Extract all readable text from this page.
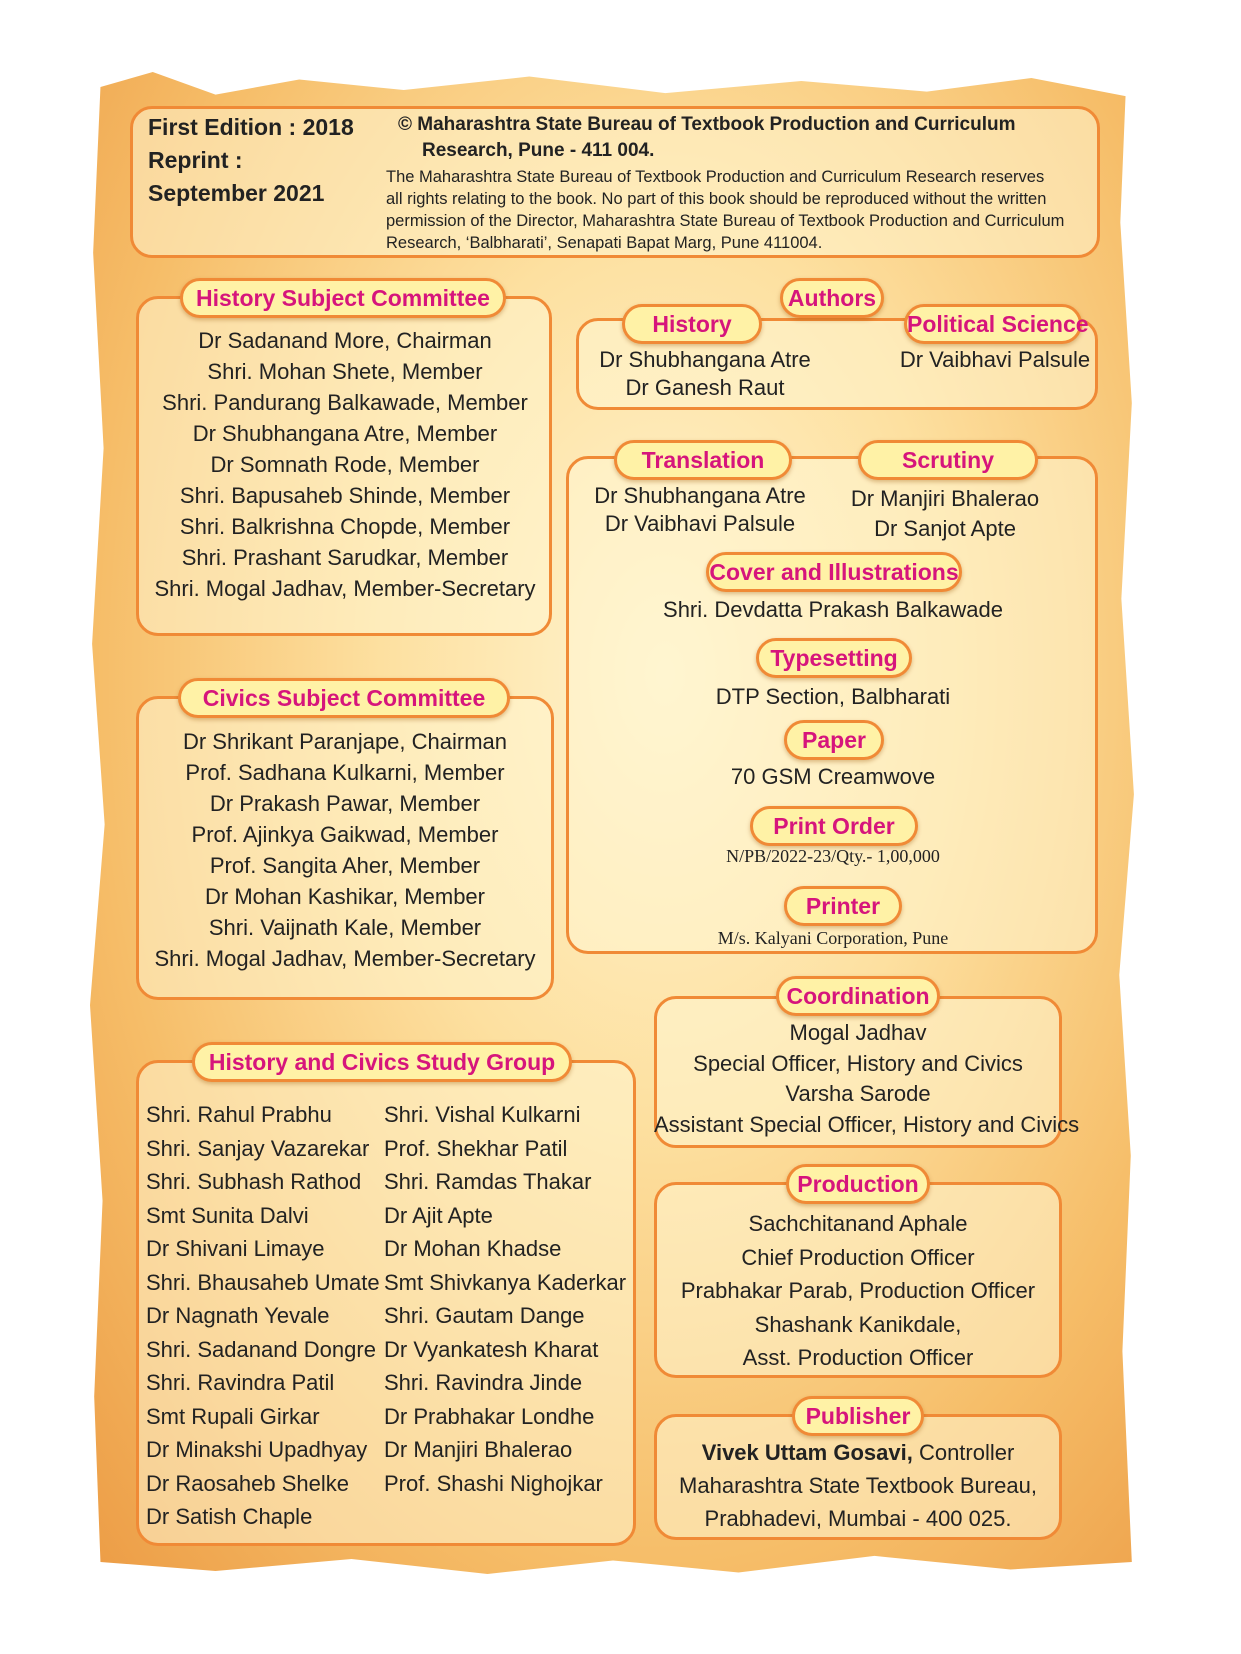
First Edition : 2018
Reprint :
September 2021
© Maharashtra State Bureau of Textbook Production and Curriculum
Research, Pune - 411 004.
The Maharashtra State Bureau of Textbook Production and Curriculum Research reserves
all rights relating to the book. No part of this book should be reproduced without the written
permission of the Director, Maharashtra State Bureau of Textbook Production and Curriculum
Research, ‘Balbharati’, Senapati Bapat Marg, Pune 411004.
History Subject Committee
Dr Sadanand More, Chairman
Shri. Mohan Shete, Member
Shri. Pandurang Balkawade, Member
Dr Shubhangana Atre, Member
Dr Somnath Rode, Member
Shri. Bapusaheb Shinde, Member
Shri. Balkrishna Chopde, Member
Shri. Prashant Sarudkar, Member
Shri. Mogal Jadhav, Member-Secretary
Civics Subject Committee
Dr Shrikant Paranjape, Chairman
Prof. Sadhana Kulkarni, Member
Dr Prakash Pawar, Member
Prof. Ajinkya Gaikwad, Member
Prof. Sangita Aher, Member
Dr Mohan Kashikar, Member
Shri. Vaijnath Kale, Member
Shri. Mogal Jadhav, Member-Secretary
History and Civics Study Group
Shri. Rahul Prabhu
Shri. Sanjay Vazarekar
Shri. Subhash Rathod
Smt Sunita Dalvi
Dr Shivani Limaye
Shri. Bhausaheb Umate
Dr Nagnath Yevale
Shri. Sadanand Dongre
Shri. Ravindra Patil
Smt Rupali Girkar
Dr Minakshi Upadhyay
Dr Raosaheb Shelke
Dr Satish Chaple
Shri. Vishal Kulkarni
Prof. Shekhar Patil
Shri. Ramdas Thakar
Dr Ajit Apte
Dr Mohan Khadse
Smt Shivkanya Kaderkar
Shri. Gautam Dange
Dr Vyankatesh Kharat
Shri. Ravindra Jinde
Dr Prabhakar Londhe
Dr Manjiri Bhalerao
Prof. Shashi Nighojkar
Authors
History	Political Science
Dr Shubhangana Atre
Dr Ganesh Raut
Dr Vaibhavi Palsule
Translation	Scrutiny
Dr Shubhangana Atre
Dr Vaibhavi Palsule
Dr Manjiri Bhalerao
Dr Sanjot Apte
Cover and Illustrations
Shri. Devdatta Prakash Balkawade
Typesetting
DTP Section, Balbharati
Paper
70 GSM Creamwove
Print Order
N/PB/2022-23/Qty.- 1,00,000
Printer
M/s. Kalyani Corporation, Pune
Coordination
Mogal Jadhav
Special Officer, History and Civics
Varsha Sarode
Assistant Special Officer, History and Civics
Production
Sachchitanand Aphale
Chief Production Officer
Prabhakar Parab, Production Officer
Shashank Kanikdale,
Asst. Production Officer
Publisher
Vivek Uttam Gosavi, Controller
Maharashtra State Textbook Bureau,
Prabhadevi, Mumbai - 400 025.
